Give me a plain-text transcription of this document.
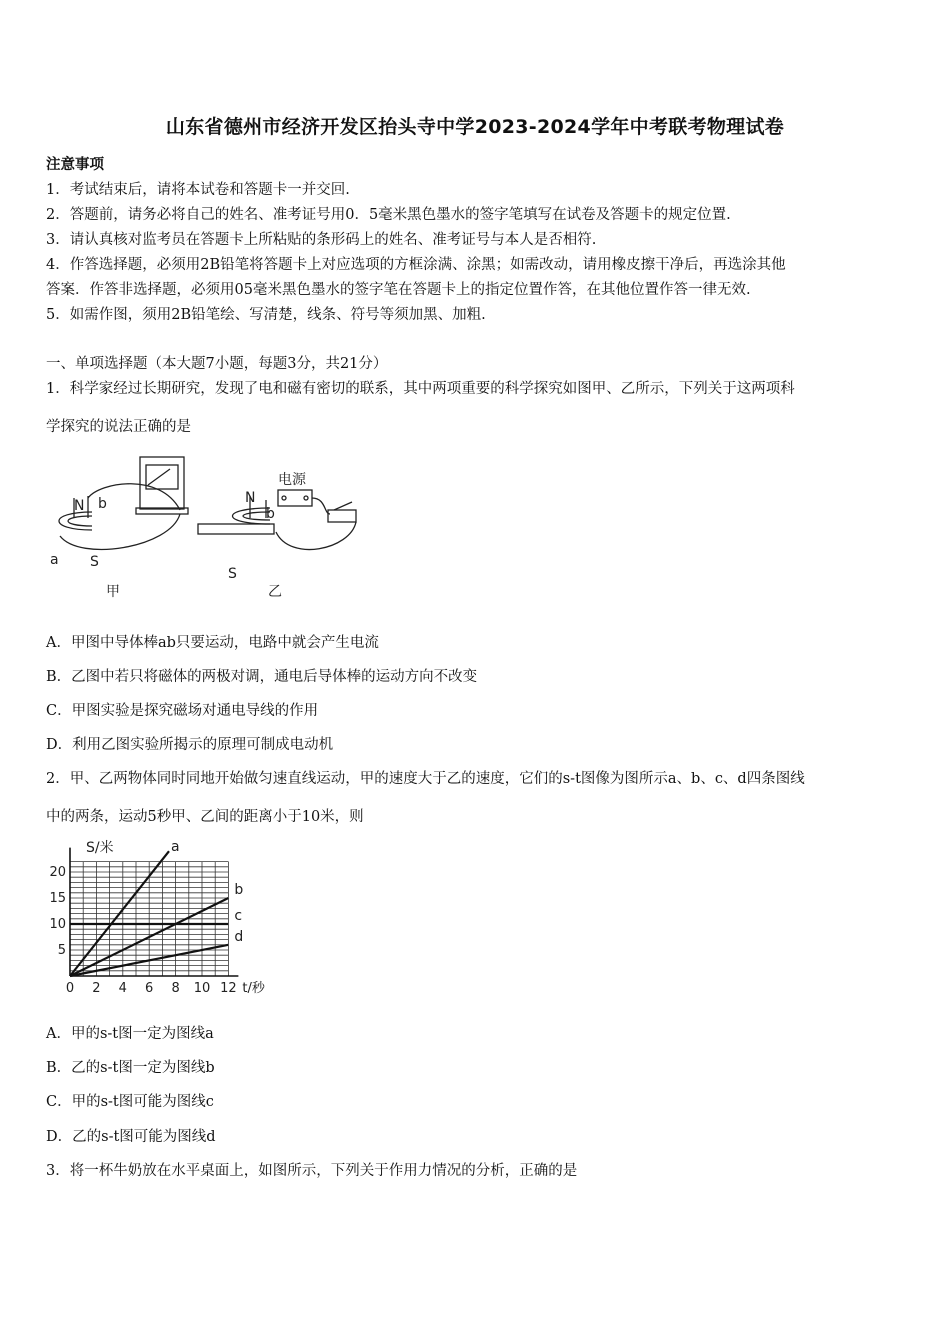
山东省德州市经济开发区抬头寺中学2023-2024学年中考联考物理试卷
注意事项
1．考试结束后，请将本试卷和答题卡一并交回.
2．答题前，请务必将自己的姓名、准考证号用0．5毫米黑色墨水的签字笔填写在试卷及答题卡的规定位置.
3．请认真核对监考员在答题卡上所粘贴的条形码上的姓名、准考证号与本人是否相符.
4．作答选择题，必须用2B铅笔将答题卡上对应选项的方框涂满、涂黑；如需改动，请用橡皮擦干净后，再选涂其他
答案．作答非选择题，必须用05毫米黑色墨水的签字笔在答题卡上的指定位置作答，在其他位置作答一律无效.
5．如需作图，须用2B铅笔绘、写清楚，线条、符号等须加黑、加粗.
一、单项选择题（本大题7小题，每题3分，共21分）
1．科学家经过长期研究，发现了电和磁有密切的联系，其中两项重要的科学探究如图甲、乙所示，下列关于这两项科
学探究的说法正确的是
N b
a S
甲
电源
N
b
S
乙
A．甲图中导体棒ab只要运动，电路中就会产生电流
B．乙图中若只将磁体的两极对调，通电后导体棒的运动方向不改变
C．甲图实验是探究磁场对通电导线的作用
D．利用乙图实验所揭示的原理可制成电动机
2．甲、乙两物体同时同地开始做匀速直线运动，甲的速度大于乙的速度，它们的s-t图像为图所示a、b、c、d四条图线
中的两条，运动5秒甲、乙间的距离小于10米，则
0 2 4 6 8 10 12
5
10
15
20
S/米
t/秒
a
b
c
d
A．甲的s-t图一定为图线a
B．乙的s-t图一定为图线b
C．甲的s-t图可能为图线c
D．乙的s-t图可能为图线d
3．将一杯牛奶放在水平桌面上，如图所示，下列关于作用力情况的分析，正确的是
